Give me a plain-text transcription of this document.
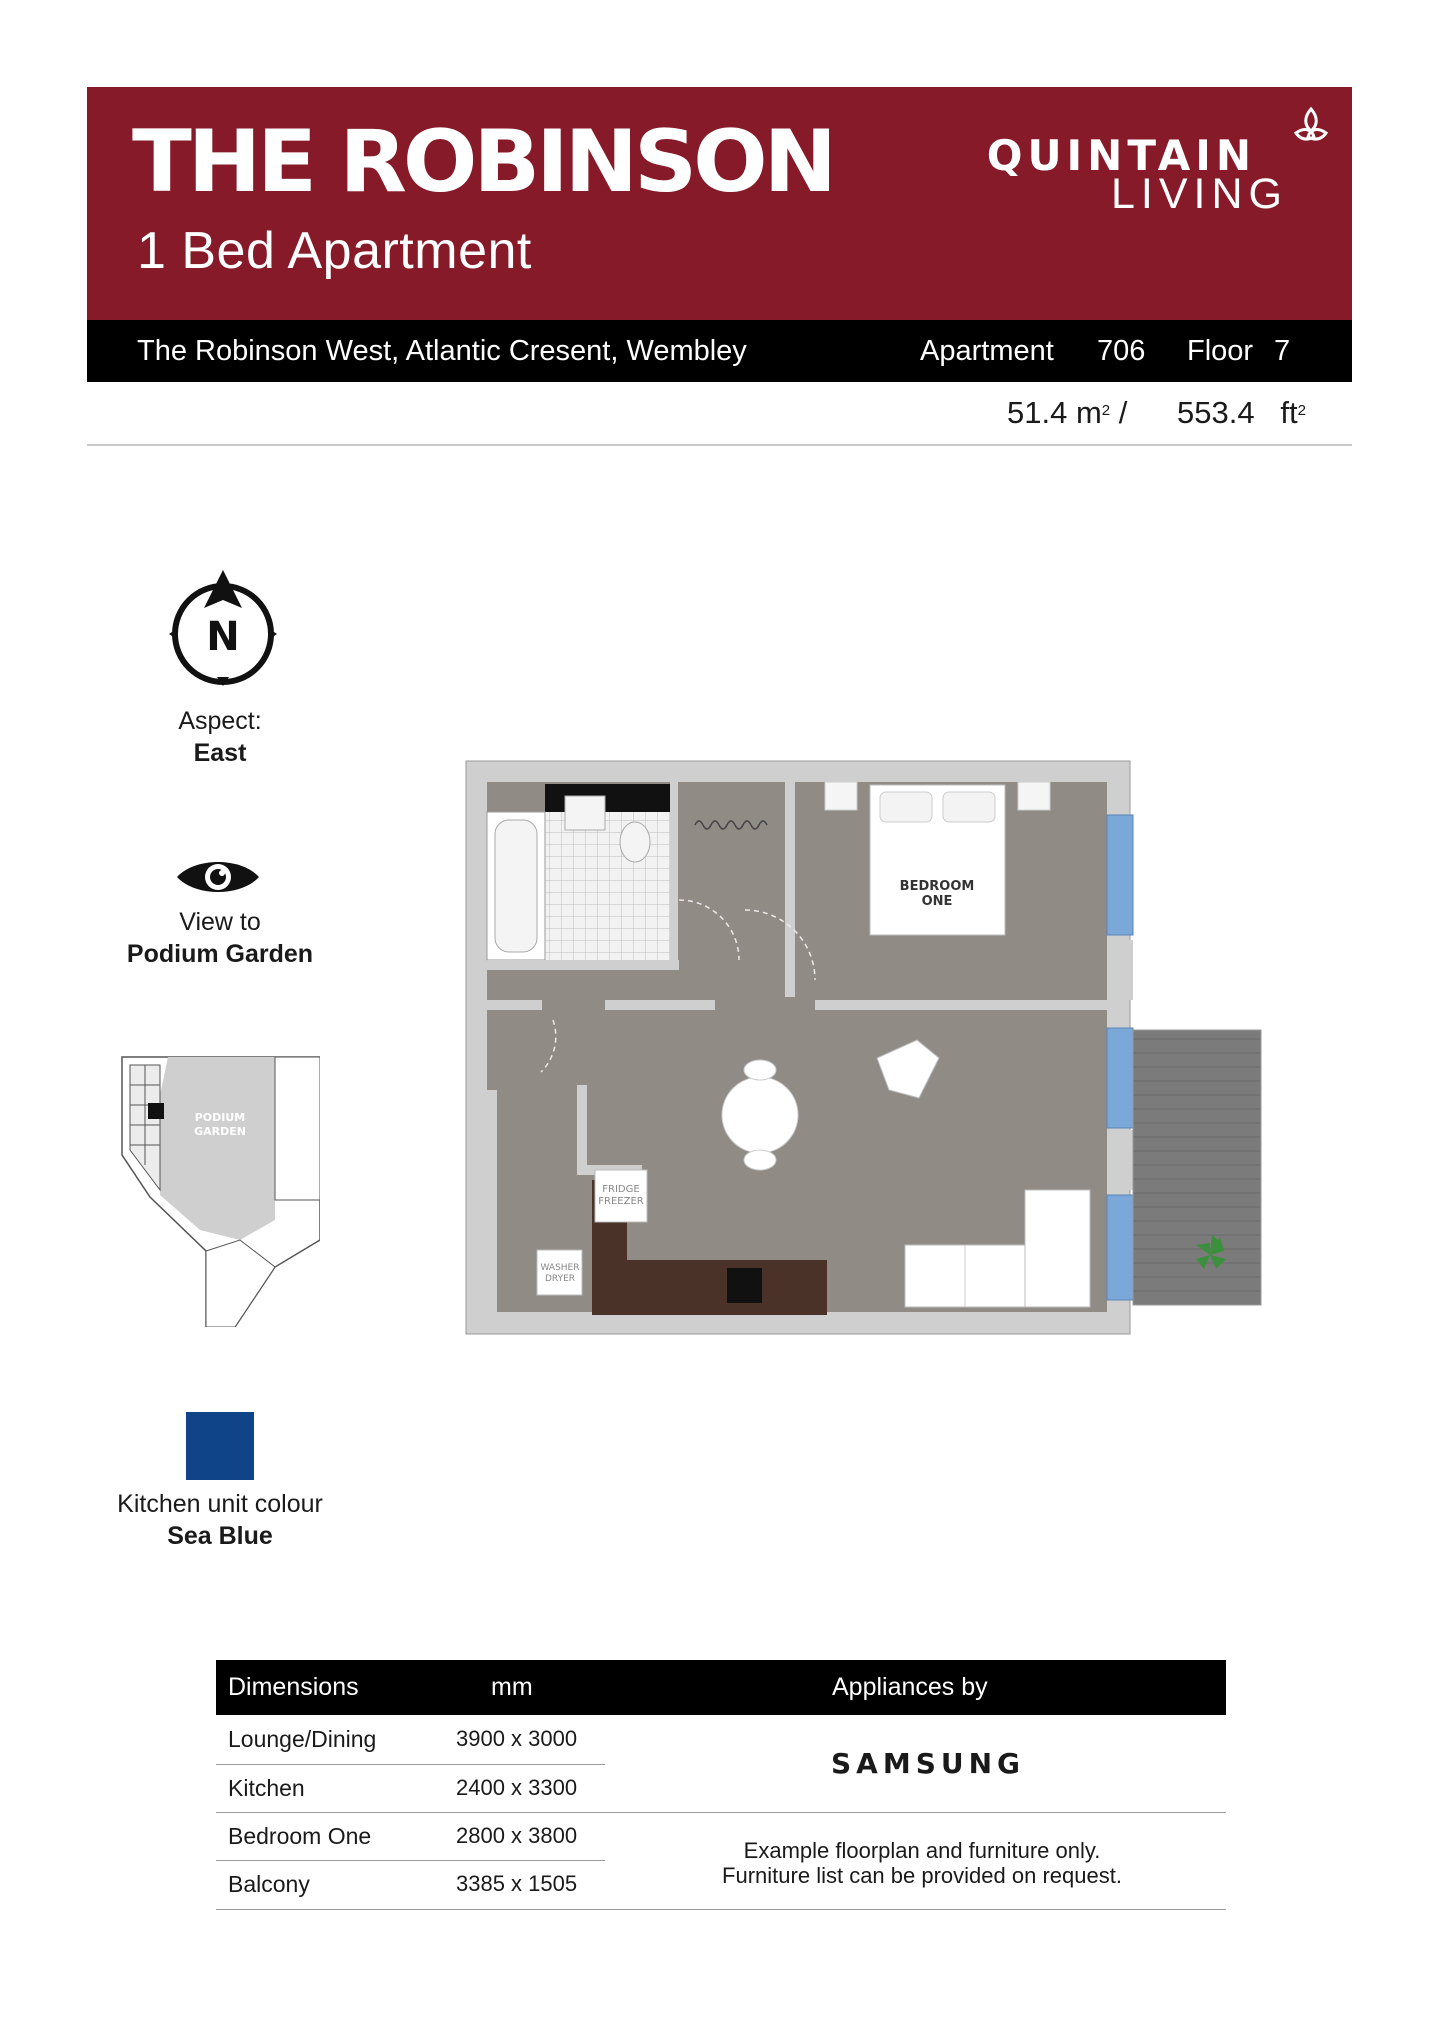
THE ROBINSON
1 Bed Apartment
QUINTAIN
LIVING
The Robinson West, Atlantic Cresent, Wembley	Apartment 706 Floor 7
51.4 $m^2 / 553.4$ $ft^2$
N
Aspect:
East
View to
Podium Garden
PODIUM
GARDEN
BEDROOM
ONE
FRIDGE
FREEZER
WASHER
DRYER
Kitchen unit colour
Sea Blue
Dimensions	mm	Appliances by
Lounge/Dining	3900 x 3000
Kitchen	2400 x 3300
Bedroom One	2800 x 3800
Balcony	3385 x 1505
SAMSUNG
Example floorplan and furniture only.
Furniture list can be provided on request.
